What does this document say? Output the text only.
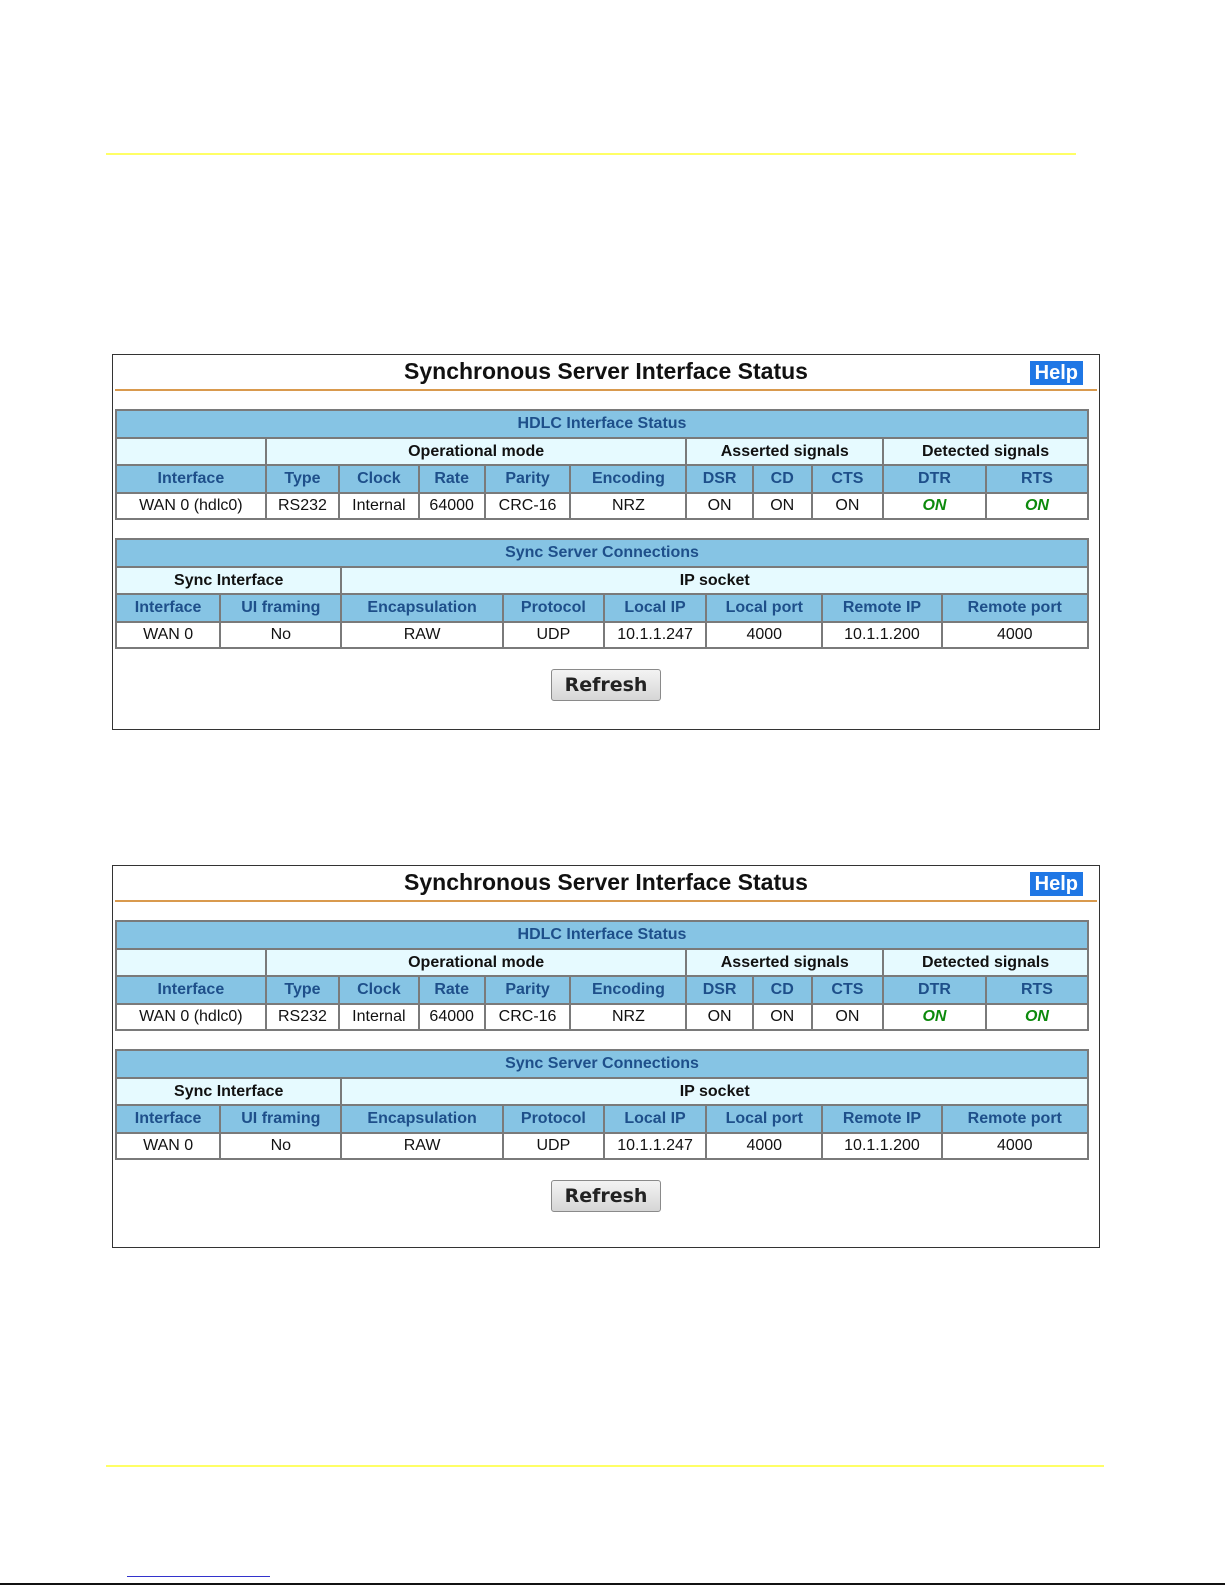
Synchronous Server Interface Status	Help
HDLC Interface Status										
	Operational mode					Asserted signals			Detected signals	
Interface	Type	Clock	Rate	Parity	Encoding	DSR	CD	CTS	DTR	RTS
WAN 0 (hdlc0)	RS232	Internal	64000	CRC-16	NRZ	ON	ON	ON	ON	ON
Sync Server Connections							
Sync Interface		IP socket					
Interface	UI framing	Encapsulation	Protocol	Local IP	Local port	Remote IP	Remote port
WAN 0	No	RAW	UDP	10.1.1.247	4000	10.1.1.200	4000
Refresh
Synchronous Server Interface Status	Help
HDLC Interface Status										
	Operational mode					Asserted signals			Detected signals	
Interface	Type	Clock	Rate	Parity	Encoding	DSR	CD	CTS	DTR	RTS
WAN 0 (hdlc0)	RS232	Internal	64000	CRC-16	NRZ	ON	ON	ON	ON	ON
Sync Server Connections							
Sync Interface		IP socket					
Interface	UI framing	Encapsulation	Protocol	Local IP	Local port	Remote IP	Remote port
WAN 0	No	RAW	UDP	10.1.1.247	4000	10.1.1.200	4000
Refresh
